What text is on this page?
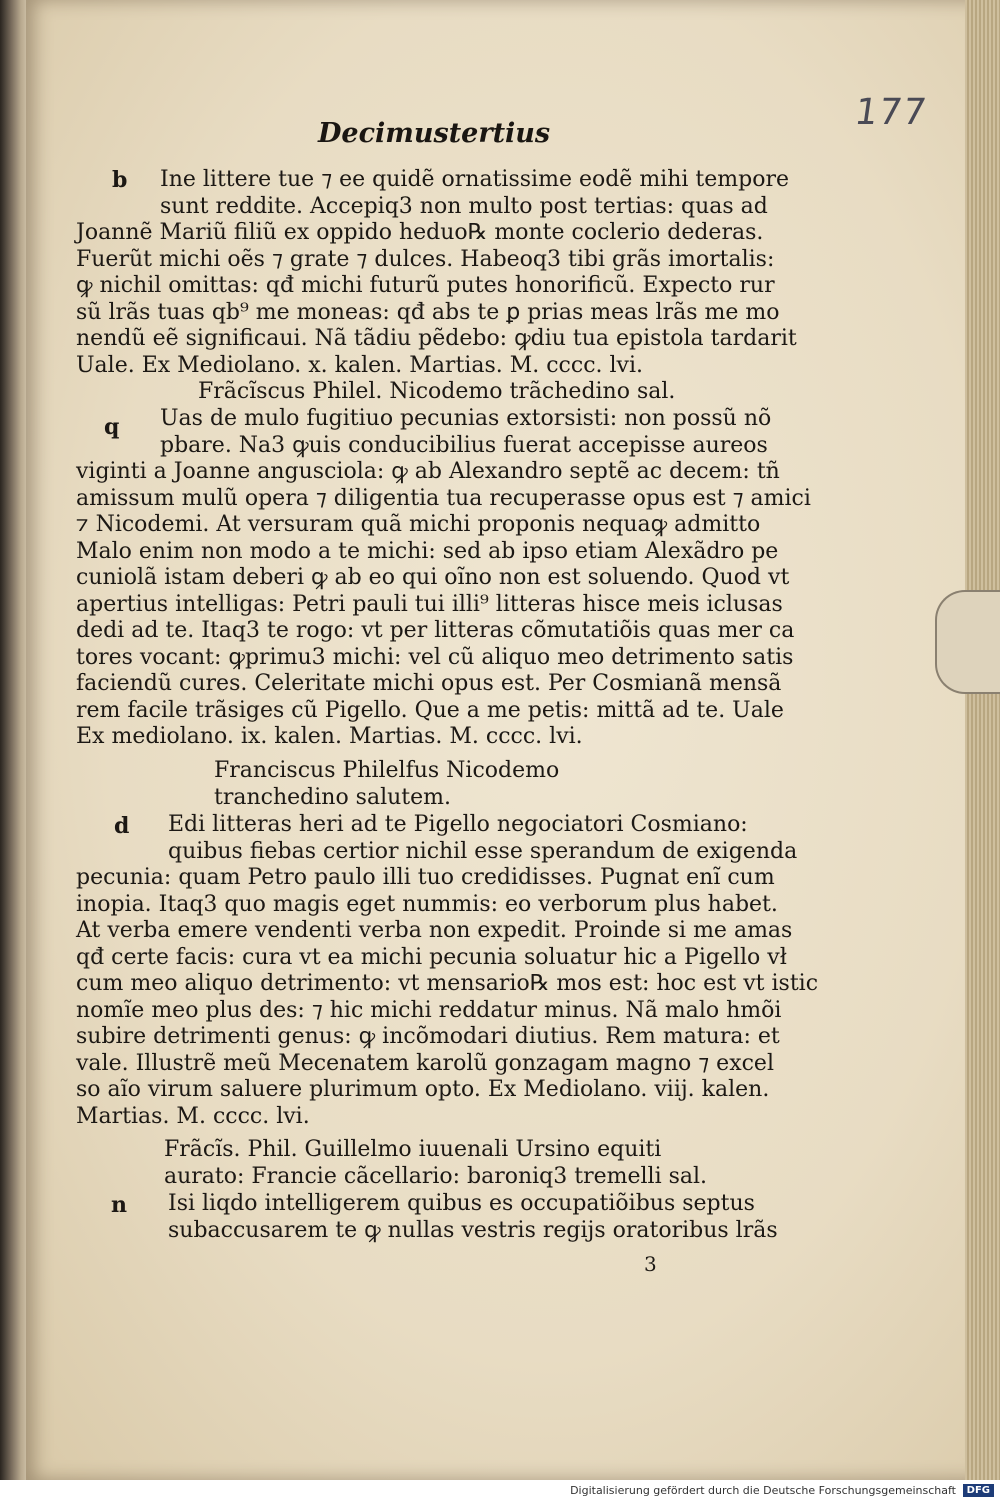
177
Decimustertius
b
q
d
n
Ine littere tue ⁊ ee quidẽ ornatissime eodẽ mihi tempore
sunt reddite. Accepiq3 non multo post tertias: quas ad
Joannẽ Mariũ filiũ ex oppido heduo℞ monte coclerio dederas.
Fuerũt michi oẽs ⁊ grate ⁊ dulces. Habeoq3 tibi grãs imortalis:
ꝙ nichil omittas: qđ michi futurũ putes honorificũ. Expecto rur
sũ lrãs tuas qb⁹ me moneas: qđ abs te ꝑ prias meas lrãs me mo
nendũ eẽ significaui. Nã tãdiu pẽdebo: ꝙdiu tua epistola tardarit
Uale. Ex Mediolano. x. kalen. Martias. M. cccc. lvi.
Frãcĩscus Philel. Nicodemo trãchedino sal.
Uas de mulo fugitiuo pecunias extorsisti: non possũ nõ
pbare. Na3 ꝙuis conducibilius fuerat accepisse aureos
viginti a Joanne angusciola: ꝙ ab Alexandro septẽ ac decem: tñ
amissum mulũ opera ⁊ diligentia tua recuperasse opus est ⁊ amici
⁊ Nicodemi. At versuram quã michi proponis nequaꝙ admitto
Malo enim non modo a te michi: sed ab ipso etiam Alexãdro pe
cuniolã istam deberi ꝙ ab eo qui oĩno non est soluendo. Quod vt
apertius intelligas: Petri pauli tui illi⁹ litteras hisce meis iclusas
dedi ad te. Itaq3 te rogo: vt per litteras cõmutatiõis quas mer ca
tores vocant: ꝙprimu3 michi: vel cũ aliquo meo detrimento satis
faciendũ cures. Celeritate michi opus est. Per Cosmianã mensã
rem facile trãsiges cũ Pigello. Que a me petis: mittã ad te. Uale
Ex mediolano. ix. kalen. Martias. M. cccc. lvi.
Franciscus Philelfus Nicodemo
tranchedino salutem.
Edi litteras heri ad te Pigello negociatori Cosmiano:
quibus fiebas certior nichil esse sperandum de exigenda
pecunia: quam Petro paulo illi tuo credidisses. Pugnat enĩ cum
inopia. Itaq3 quo magis eget nummis: eo verborum plus habet.
At verba emere vendenti verba non expedit. Proinde si me amas
qđ certe facis: cura vt ea michi pecunia soluatur hic a Pigello vł
cum meo aliquo detrimento: vt mensario℞ mos est: hoc est vt istic
nomĩe meo plus des: ⁊ hic michi reddatur minus. Nã malo hmõi
subire detrimenti genus: ꝙ incõmodari diutius. Rem matura: et
vale. Illustrẽ meũ Mecenatem karolũ gonzagam magno ⁊ excel
so aĩo virum saluere plurimum opto. Ex Mediolano. viij. kalen.
Martias. M. cccc. lvi.
Frãcĩs. Phil. Guillelmo iuuenali Ursino equiti
aurato: Francie cãcellario: baroniq3 tremelli sal.
Isi liqdo intelligerem quibus es occupatiõibus septus
subaccusarem te ꝙ nullas vestris regijs oratoribus lrãs
3
Digitalisierung gefördert durch die Deutsche Forschungsgemeinschaft	DFG
